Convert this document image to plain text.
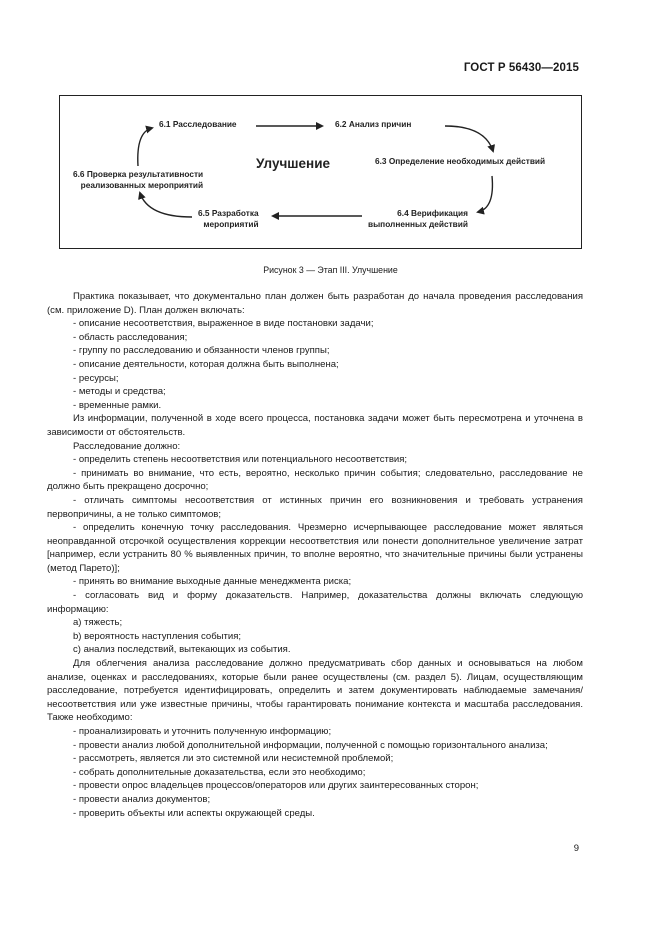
ГОСТ Р 56430—2015
6.1 Расследование	6.2 Анализ причин
6.3 Определение необходимых действий
6.4 Верификация
выполненных действий
6.5 Разработка
мероприятий
6.6 Проверка результативности
реализованных мероприятий
Улучшение
Рисунок 3 — Этап III. Улучшение

Практика показывает, что документально план должен быть разработан до начала проведения расследования (см. приложение D). План должен включать:

- описание несоответствия, выраженное в виде постановки задачи;

- область расследования;

- группу по расследованию и обязанности членов группы;

- описание деятельности, которая должна быть выполнена;

- ресурсы;

- методы и средства;

- временные рамки.

Из информации, полученной в ходе всего процесса, постановка задачи может быть пересмотрена и уточнена в зависимости от обстоятельств.

Расследование должно:

- определить степень несоответствия или потенциального несоответствия;

- принимать во внимание, что есть, вероятно, несколько причин события; следовательно, расследование не должно быть прекращено досрочно;

- отличать симптомы несоответствия от истинных причин его возникновения и требовать устранения первопричины, а не только симптомов;

- определить конечную точку расследования. Чрезмерно исчерпывающее расследование может являться неоправданной отсрочкой осуществления коррекции несоответствия или понести дополнительное увеличение затрат [например, если устранить 80 % выявленных причин, то вполне вероятно, что значительные причины были устранены (метод Парето)];

- принять во внимание выходные данные менеджмента риска;

- согласовать вид и форму доказательств. Например, доказательства должны включать следующую информацию:

а) тяжесть;

b) вероятность наступления события;

с) анализ последствий, вытекающих из события.

Для облегчения анализа расследование должно предусматривать сбор данных и основываться на любом анализе, оценках и расследованиях, которые были ранее осуществлены (см. раздел 5). Лицам, осуществляющим расследование, потребуется идентифицировать, определить и затем документировать наблюдаемые замечания/несоответствия или уже известные причины, чтобы гарантировать понимание контекста и масштаба расследования. Также необходимо:

- проанализировать и уточнить полученную информацию;

- провести анализ любой дополнительной информации, полученной с помощью горизонтального анализа;

- рассмотреть, является ли это системной или несистемной проблемой;

- собрать дополнительные доказательства, если это необходимо;

- провести опрос владельцев процессов/операторов или других заинтересованных сторон;

- провести анализ документов;

- проверить объекты или аспекты окружающей среды.

9
